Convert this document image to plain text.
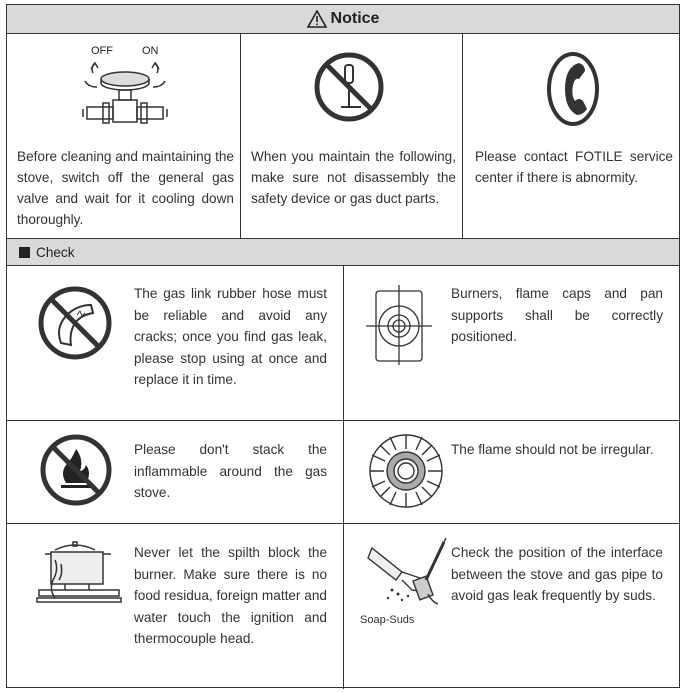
Notice
OFF	ON
Before cleaning and maintaining the stove, switch off the general gas valve and wait for it cooling down thoroughly.
When you maintain the following, make sure not disassembly the safety device or gas duct parts.
Please contact FOTILE service center if there is abnormity.
Check
The gas link rubber hose must be reliable and avoid any cracks; once you find gas leak, please stop using at once and replace it in time.
Burners, flame caps and pan supports shall be correctly positioned.
Please don't stack the inflammable around the gas stove.
The flame should not be irregular.
Never let the spilth block the burner. Make sure there is no food residua, foreign matter and water touch the ignition and thermocouple head.
Soap-Suds
Check the position of the interface between the stove and gas pipe to avoid gas leak frequently by suds.
